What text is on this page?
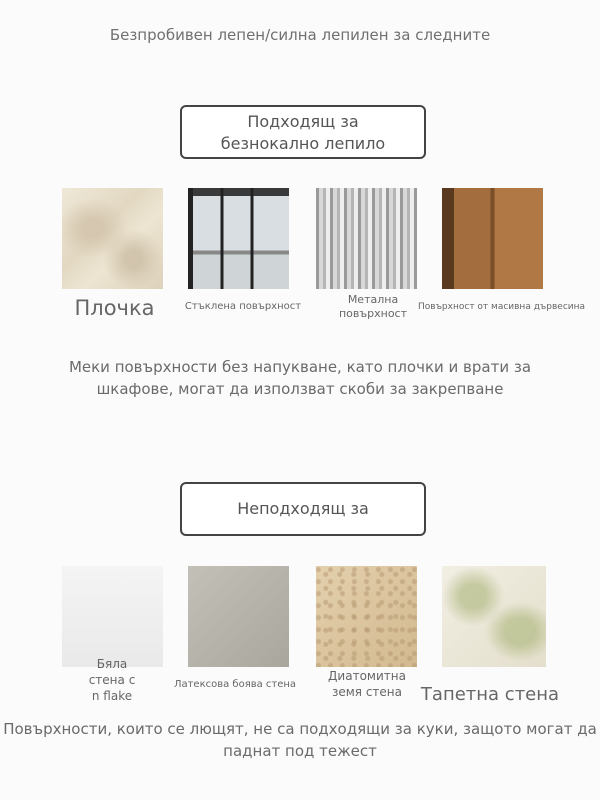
Безпробивен лепен/силна лепилен за следните
Подходящ за
безнокално лепило
Плочка	Стъклена повърхност
Метална
повърхност	Повърхност от масивна дървесина
Меки повърхности без напукване, като плочки и врати за
шкафове, могат да използват скоби за закрепване
Неподходящ за
Бяла
стена с
n flake
Латексова боява стена
Диатомитна
земя стена	Тапетна стена
Повърхности, които се лющят, не са подходящи за куки, защото могат да
паднат под тежест
